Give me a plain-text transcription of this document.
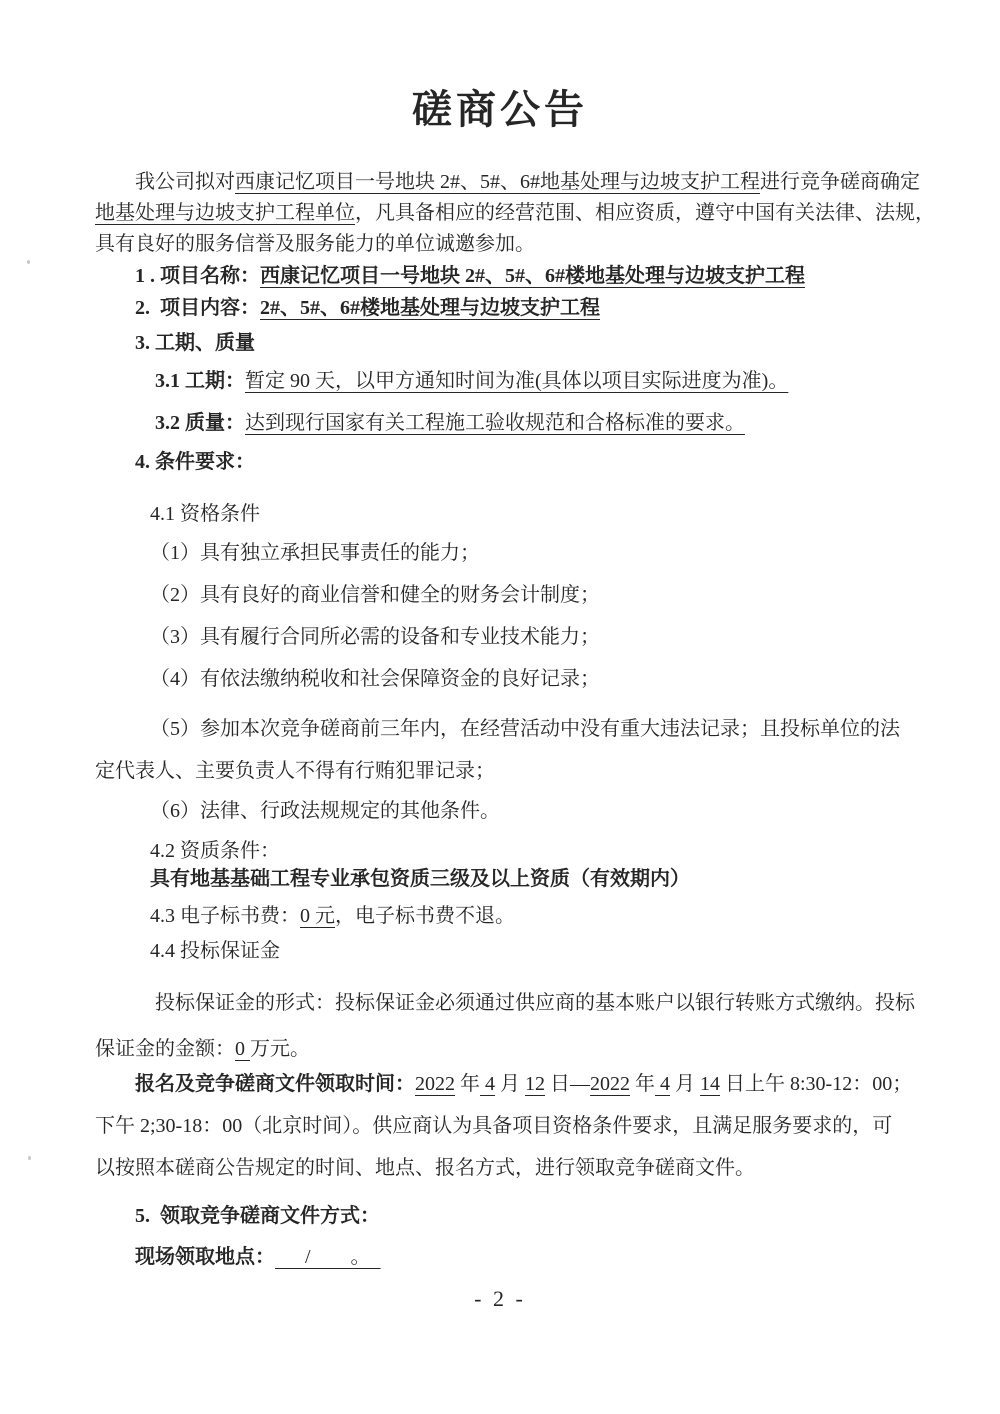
磋商公告
我公司拟对西康记忆项目一号地块 2#、5#、6#地基处理与边坡支护工程进行竞争磋商确定
地基处理与边坡支护工程单位，凡具备相应的经营范围、相应资质，遵守中国有关法律、法规，
具有良好的服务信誉及服务能力的单位诚邀参加。
1 . 项目名称：西康记忆项目一号地块 2#、5#、6#楼地基处理与边坡支护工程
2.  项目内容：2#、5#、6#楼地基处理与边坡支护工程
3. 工期、质量
3.1 工期：暂定 90 天，以甲方通知时间为准(具体以项目实际进度为准)。
3.2 质量：达到现行国家有关工程施工验收规范和合格标准的要求。
4. 条件要求：
4.1 资格条件
（1）具有独立承担民事责任的能力；
（2）具有良好的商业信誉和健全的财务会计制度；
（3）具有履行合同所必需的设备和专业技术能力；
（4）有依法缴纳税收和社会保障资金的良好记录；
（5）参加本次竞争磋商前三年内，在经营活动中没有重大违法记录；且投标单位的法
定代表人、主要负责人不得有行贿犯罪记录；
（6）法律、行政法规规定的其他条件。
4.2 资质条件：
具有地基基础工程专业承包资质三级及以上资质（有效期内）
4.3 电子标书费：0 元，电子标书费不退。
4.4 投标保证金
投标保证金的形式：投标保证金必须通过供应商的基本账户以银行转账方式缴纳。投标
保证金的金额：0 万元。
报名及竞争磋商文件领取时间：2022 年 4 月 12 日—2022 年 4 月 14 日上午 8:30-12：00；
下午 2;30-18：00（北京时间）。供应商认为具备项目资格条件要求，且满足服务要求的，可
以按照本磋商公告规定的时间、地点、报名方式，进行领取竞争磋商文件。
5.  领取竞争磋商文件方式：
现场领取地点：      /        。
- 2 -
